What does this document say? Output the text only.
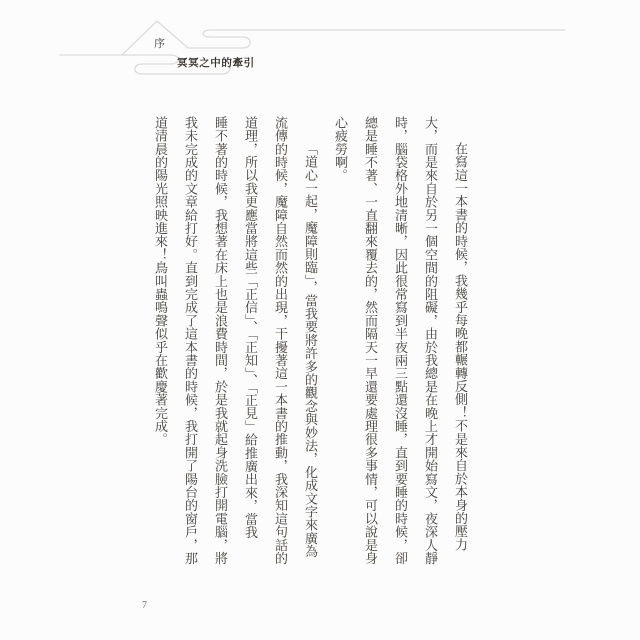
序
冥冥之中的牽引
在寫這一本書的時候，我幾乎每晚都輾轉反側！不是來自於本身的壓力
大，而是來自於另一個空間的阻礙，由於我總是在晚上才開始寫文，夜深人靜
時，腦袋格外地清晰，因此很常寫到半夜兩三點還沒睡，直到要睡的時候，卻
總是睡不著、一直翻來覆去的，然而隔天一早還要處理很多事情，可以說是身
心疲勞啊。
「道心一起，魔障則臨」，當我要將許多的觀念與妙法，化成文字來廣為
流傳的時候，魔障自然而然的出現，干擾著這一本書的推動，我深知這句話的
道理，所以我更應當將這些「正信」、「正知」、「正見」給推廣出來，當我
睡不著的時候，我想著在床上也是浪費時間，於是我就起身洗臉打開電腦，將
我未完成的文章給打好。直到完成了這本書的時候，我打開了陽台的窗戶，那
道清晨的陽光照映進來！鳥叫蟲鳴聲似乎在歡慶著完成。
7
